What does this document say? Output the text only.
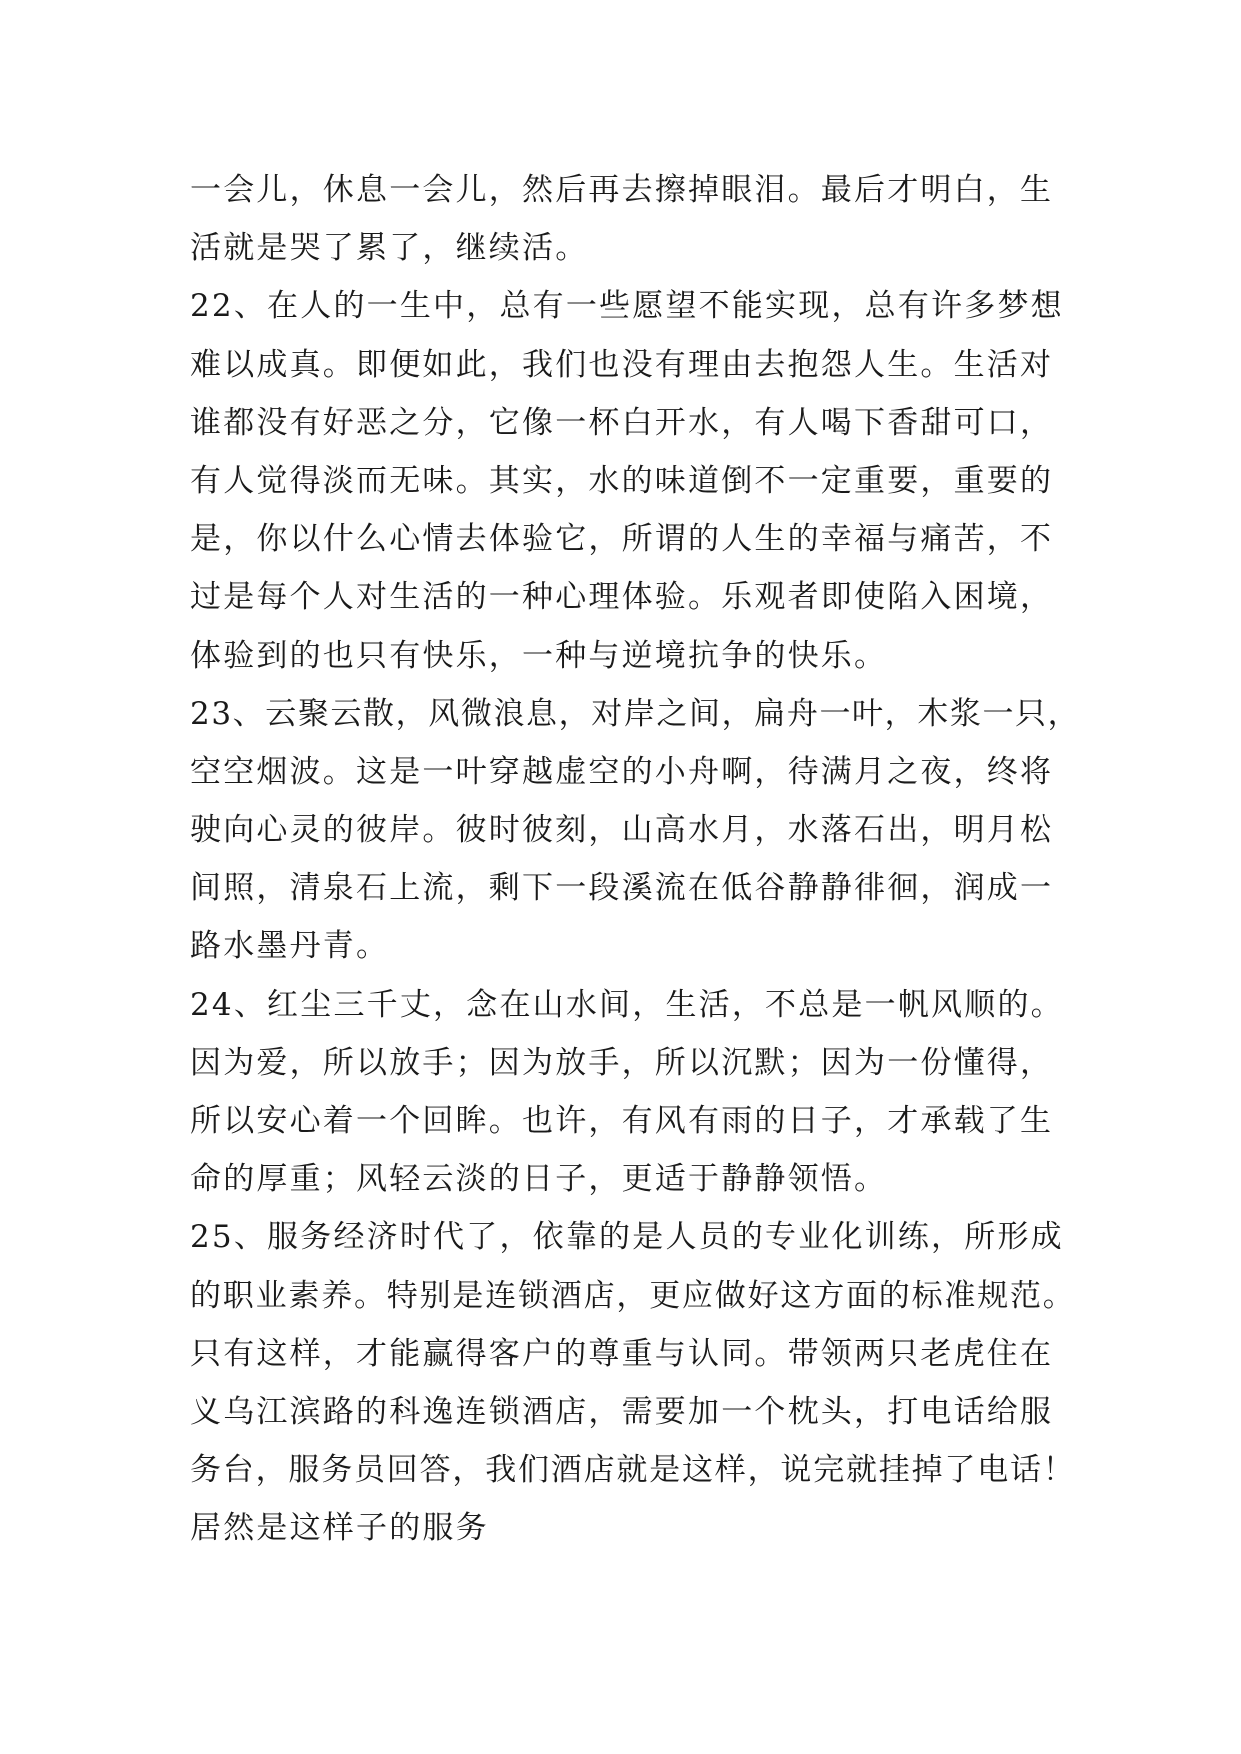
一会儿，休息一会儿，然后再去擦掉眼泪。最后才明白，生
活就是哭了累了，继续活。
22、在人的一生中，总有一些愿望不能实现，总有许多梦想
难以成真。即便如此，我们也没有理由去抱怨人生。生活对
谁都没有好恶之分，它像一杯白开水，有人喝下香甜可口，
有人觉得淡而无味。其实，水的味道倒不一定重要，重要的
是，你以什么心情去体验它，所谓的人生的幸福与痛苦，不
过是每个人对生活的一种心理体验。乐观者即使陷入困境，
体验到的也只有快乐，一种与逆境抗争的快乐。
23、云聚云散，风微浪息，对岸之间，扁舟一叶，木浆一只，
空空烟波。这是一叶穿越虚空的小舟啊，待满月之夜，终将
驶向心灵的彼岸。彼时彼刻，山高水月，水落石出，明月松
间照，清泉石上流，剩下一段溪流在低谷静静徘徊，润成一
路水墨丹青。
24、红尘三千丈，念在山水间，生活，不总是一帆风顺的。
因为爱，所以放手；因为放手，所以沉默；因为一份懂得，
所以安心着一个回眸。也许，有风有雨的日子，才承载了生
命的厚重；风轻云淡的日子，更适于静静领悟。
25、服务经济时代了，依靠的是人员的专业化训练，所形成
的职业素养。特别是连锁酒店，更应做好这方面的标准规范。
只有这样，才能赢得客户的尊重与认同。带领两只老虎住在
义乌江滨路的科逸连锁酒店，需要加一个枕头，打电话给服
务台，服务员回答，我们酒店就是这样，说完就挂掉了电话！
居然是这样子的服务
